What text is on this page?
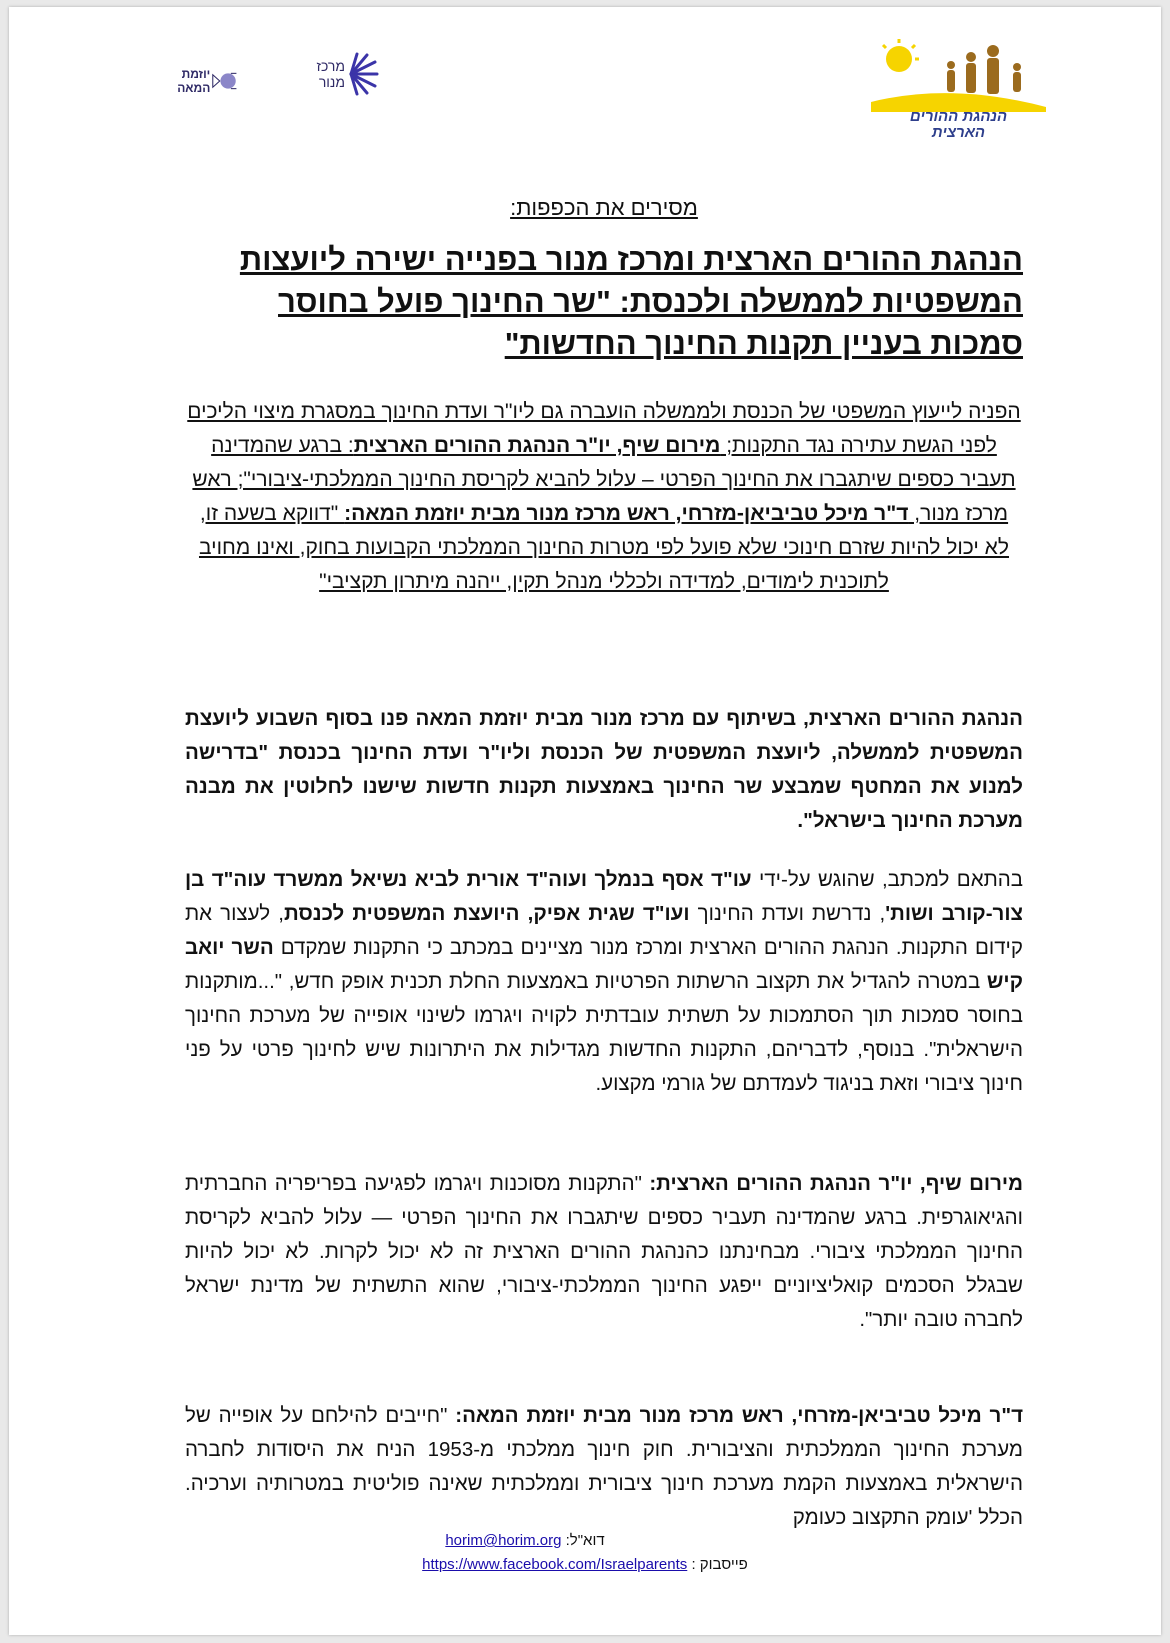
יוזמת המאה
מרכז מנור
הנהגת ההורים הארצית
מסירים את הכפפות:
הנהגת ההורים הארצית ומרכז מנור בפנייה ישירה ליועצות המשפטיות לממשלה ולכנסת: "שר החינוך פועל בחוסר סמכות בעניין תקנות החינוך החדשות"

הפניה לייעוץ המשפטי של הכנסת ולממשלה הועברה גם ליו"ר ועדת החינוך במסגרת מיצוי הליכים לפני הגשת עתירה נגד התקנות; מירום שיף, יו"ר הנהגת ההורים הארצית: ברגע שהמדינה תעביר כספים שיתגברו את החינוך הפרטי – עלול להביא לקריסת החינוך הממלכתי-ציבורי"; ראש מרכז מנור, ד"ר מיכל טביביאן-מזרחי, ראש מרכז מנור מבית יוזמת המאה: "דווקא בשעה זו, לא יכול להיות שזרם חינוכי שלא פועל לפי מטרות החינוך הממלכתי הקבועות בחוק, ואינו מחויב לתוכנית לימודים, למדידה ולכללי מנהל תקין, ייהנה מיתרון תקציבי"

הנהגת ההורים הארצית, בשיתוף עם מרכז מנור מבית יוזמת המאה פנו בסוף השבוע ליועצת המשפטית לממשלה, ליועצת המשפטית של הכנסת וליו"ר ועדת החינוך בכנסת "בדרישה למנוע את המחטף שמבצע שר החינוך באמצעות תקנות חדשות שישנו לחלוטין את מבנה מערכת החינוך בישראל".

בהתאם למכתב, שהוגש על-ידי עו"ד אסף בנמלך ועוה"ד אורית לביא נשיאל ממשרד עוה"ד בן צור-קורב ושות', נדרשת ועדת החינוך ועו"ד שגית אפיק, היועצת המשפטית לכנסת, לעצור את קידום התקנות. הנהגת ההורים הארצית ומרכז מנור מציינים במכתב כי התקנות שמקדם השר יואב קיש במטרה להגדיל את תקצוב הרשתות הפרטיות באמצעות החלת תכנית אופק חדש, "...מותקנות בחוסר סמכות תוך הסתמכות על תשתית עובדתית לקויה ויגרמו לשינוי אופייה של מערכת החינוך הישראלית". בנוסף, לדבריהם, התקנות החדשות מגדילות את היתרונות שיש לחינוך פרטי על פני חינוך ציבורי וזאת בניגוד לעמדתם של גורמי מקצוע.

מירום שיף, יו"ר הנהגת ההורים הארצית: "התקנות מסוכנות ויגרמו לפגיעה בפריפריה החברתית והגיאוגרפית. ברגע שהמדינה תעביר כספים שיתגברו את החינוך הפרטי — עלול להביא לקריסת החינוך הממלכתי ציבורי. מבחינתנו כהנהגת ההורים הארצית זה לא יכול לקרות. לא יכול להיות שבגלל הסכמים קואליציוניים ייפגע החינוך הממלכתי-ציבורי, שהוא התשתית של מדינת ישראל לחברה טובה יותר".

ד"ר מיכל טביביאן-מזרחי, ראש מרכז מנור מבית יוזמת המאה: "חייבים להילחם על אופייה של מערכת החינוך הממלכתית והציבורית. חוק חינוך ממלכתי מ-1953 הניח את היסודות לחברה הישראלית באמצעות הקמת מערכת חינוך ציבורית וממלכתית שאינה פוליטית במטרותיה וערכיה. הכלל 'עומק התקצוב כעומק

דוא"ל: horim@horim.org
פייסבוק : https://www.facebook.com/Israelparents
